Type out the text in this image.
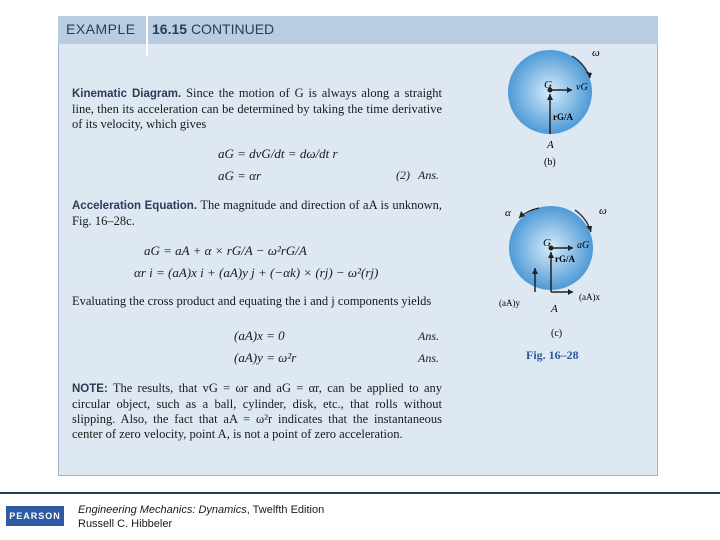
EXAMPLE 16.15 CONTINUED
Kinematic Diagram. Since the motion of G is always along a straight line, then its acceleration can be determined by taking the time derivative of its velocity, which gives
aG = dvG/dt = dω/dt r
aG = αr	(2) Ans.
Acceleration Equation. The magnitude and direction of aA is unknown, Fig. 16–28c.
aG = aA + α × rG/A − ω²rG/A
αr i = (aA)x i + (aA)y j + (−αk) × (rj) − ω²(rj)
Evaluating the cross product and equating the i and j components yields
(aA)x = 0	Ans.
(aA)y = ω²r	Ans.
NOTE: The results, that vG = ωr and aG = αr, can be applied to any circular object, such as a ball, cylinder, disk, etc., that rolls without slipping. Also, the fact that aA = ω²r indicates that the instantaneous center of zero velocity, point A, is not a point of zero acceleration.
ω
G vG
rG/A
A
(b)
α	ω
G	aG
rG/A
(aA)y
(aA)x
A
(c)
Fig. 16–28
PEARSON Engineering Mechanics: Dynamics, Twelfth Edition
Russell C. Hibbeler
